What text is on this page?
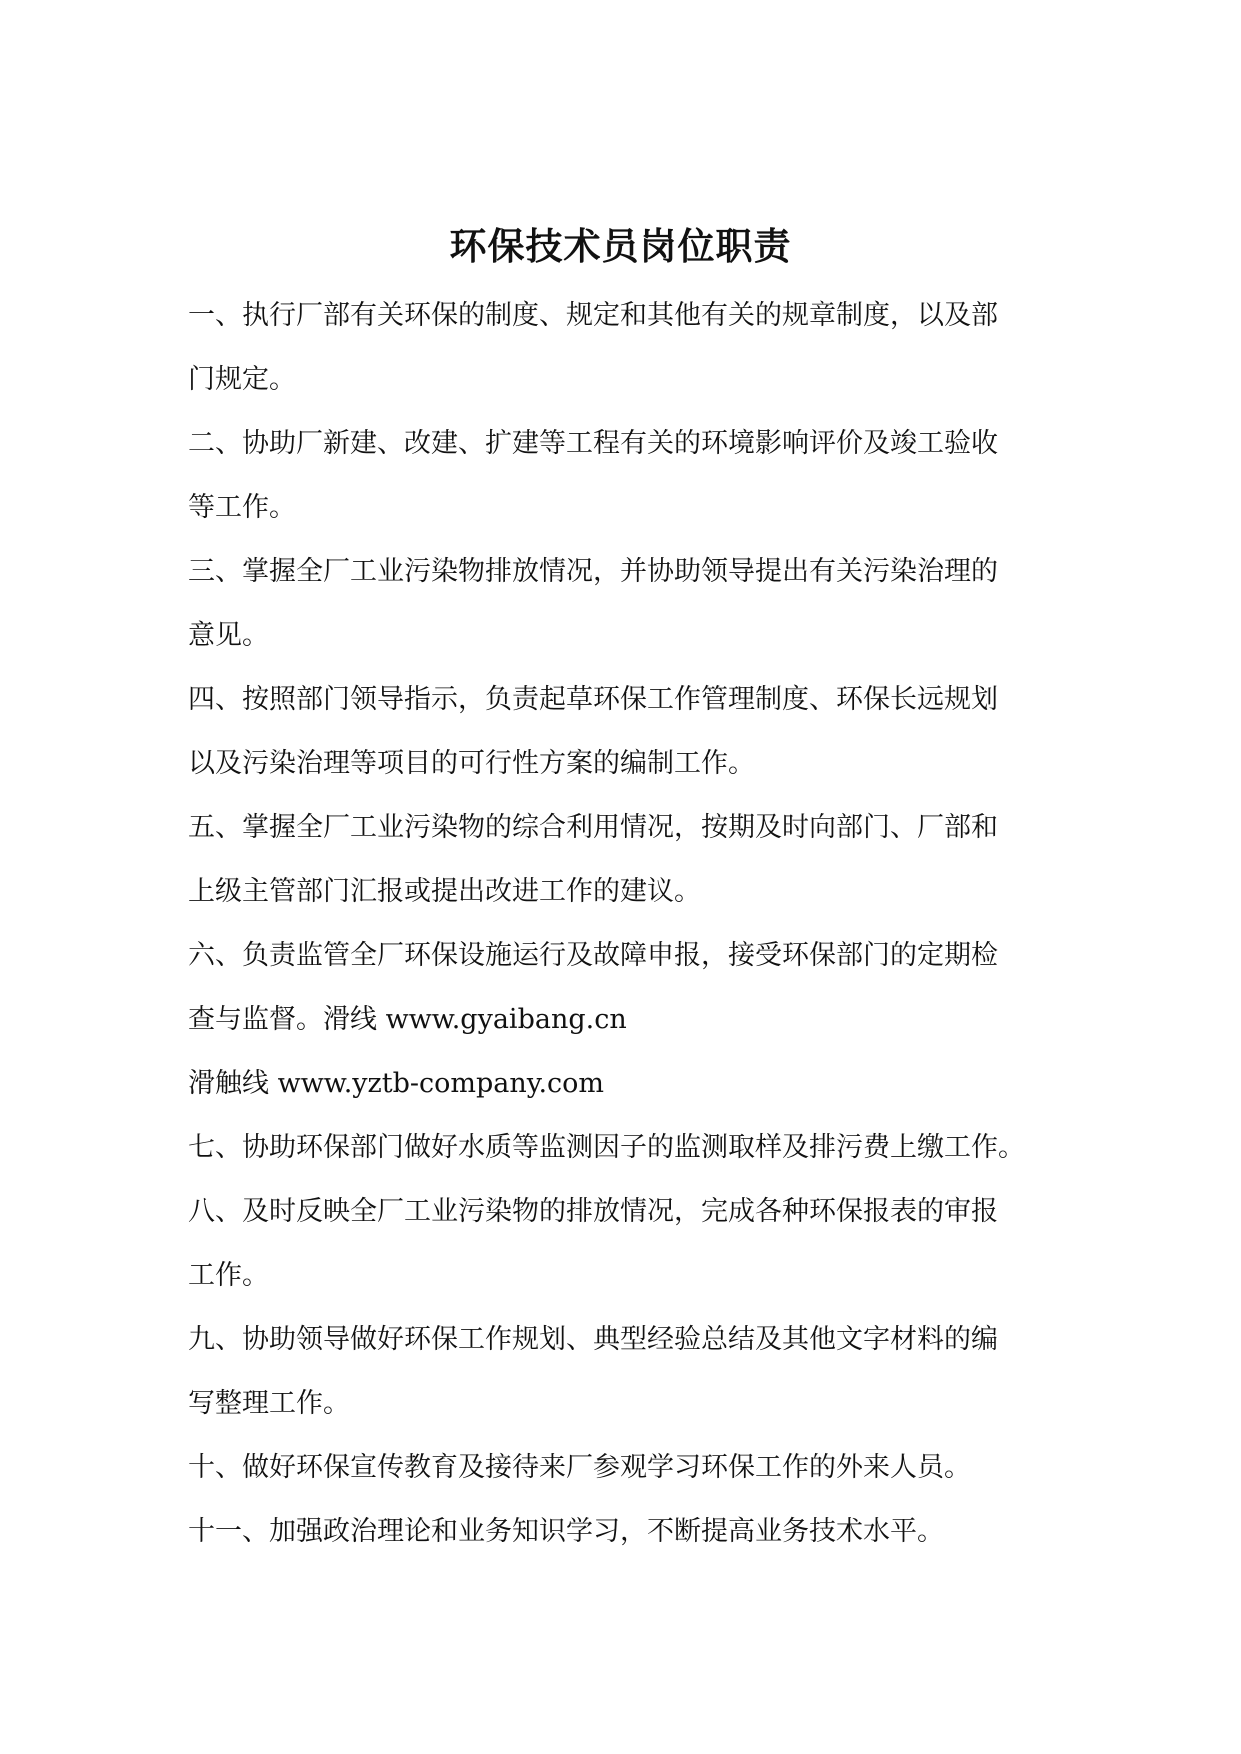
环保技术员岗位职责

一、执行厂部有关环保的制度、规定和其他有关的规章制度，以及部

门规定。

二、协助厂新建、改建、扩建等工程有关的环境影响评价及竣工验收

等工作。

三、掌握全厂工业污染物排放情况，并协助领导提出有关污染治理的

意见。

四、按照部门领导指示，负责起草环保工作管理制度、环保长远规划

以及污染治理等项目的可行性方案的编制工作。

五、掌握全厂工业污染物的综合利用情况，按期及时向部门、厂部和

上级主管部门汇报或提出改进工作的建议。

六、负责监管全厂环保设施运行及故障申报，接受环保部门的定期检

查与监督。滑线 www.gyaibang.cn

滑触线 www.yztb-company.com

七、协助环保部门做好水质等监测因子的监测取样及排污费上缴工作。

八、及时反映全厂工业污染物的排放情况，完成各种环保报表的审报

工作。

九、协助领导做好环保工作规划、典型经验总结及其他文字材料的编

写整理工作。

十、做好环保宣传教育及接待来厂参观学习环保工作的外来人员。

十一、加强政治理论和业务知识学习，不断提高业务技术水平。
